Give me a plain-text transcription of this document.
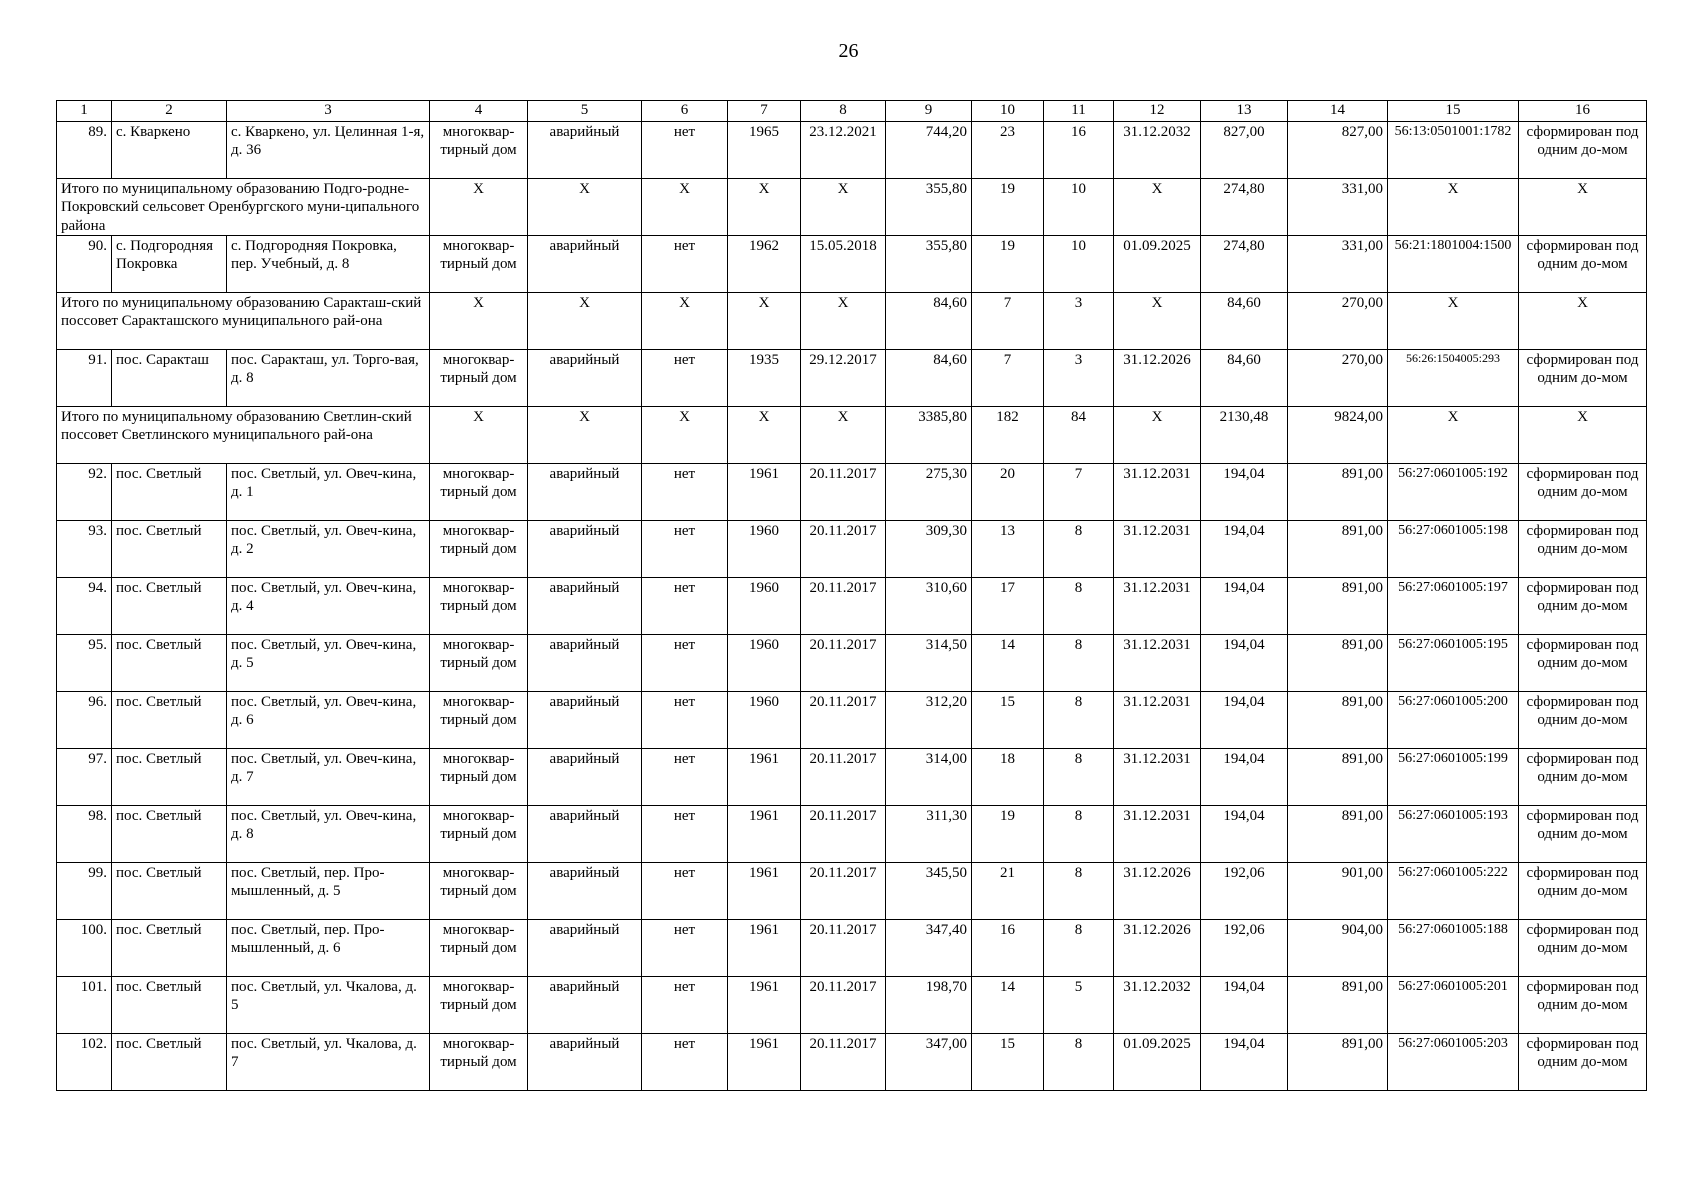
26
1	2	3	4	5	6	7	8	9	10	11	12	13	14	15	16
89.	с. Кваркено	с. Кваркено, ул. Целинная 1-я, д. 36	многоквар-тирный дом	аварийный	нет	1965	23.12.2021	744,20	23	16	31.12.2032	827,00	827,00	56:13:0501001:1782	сформирован под одним до-мом
Итого по муниципальному образованию Подго-родне-Покровский сельсовет Оренбургского муни-ципального района			Х	Х	Х	Х	Х	355,80	19	10	Х	274,80	331,00	Х	Х
90.	с. Подгородняя Покровка	с. Подгородняя Покровка, пер. Учебный, д. 8	многоквар-тирный дом	аварийный	нет	1962	15.05.2018	355,80	19	10	01.09.2025	274,80	331,00	56:21:1801004:1500	сформирован под одним до-мом
Итого по муниципальному образованию Саракташ-ский поссовет Саракташского муниципального рай-она			Х	Х	Х	Х	Х	84,60	7	3	Х	84,60	270,00	Х	Х
91.	пос. Саракташ	пос. Саракташ, ул. Торго-вая, д. 8	многоквар-тирный дом	аварийный	нет	1935	29.12.2017	84,60	7	3	31.12.2026	84,60	270,00	56:26:1504005:293	сформирован под одним до-мом
Итого по муниципальному образованию Светлин-ский поссовет Светлинского муниципального рай-она			Х	Х	Х	Х	Х	3385,80	182	84	Х	2130,48	9824,00	Х	Х
92.	пос. Светлый	пос. Светлый, ул. Овеч-кина, д. 1	многоквар-тирный дом	аварийный	нет	1961	20.11.2017	275,30	20	7	31.12.2031	194,04	891,00	56:27:0601005:192	сформирован под одним до-мом
93.	пос. Светлый	пос. Светлый, ул. Овеч-кина, д. 2	многоквар-тирный дом	аварийный	нет	1960	20.11.2017	309,30	13	8	31.12.2031	194,04	891,00	56:27:0601005:198	сформирован под одним до-мом
94.	пос. Светлый	пос. Светлый, ул. Овеч-кина, д. 4	многоквар-тирный дом	аварийный	нет	1960	20.11.2017	310,60	17	8	31.12.2031	194,04	891,00	56:27:0601005:197	сформирован под одним до-мом
95.	пос. Светлый	пос. Светлый, ул. Овеч-кина, д. 5	многоквар-тирный дом	аварийный	нет	1960	20.11.2017	314,50	14	8	31.12.2031	194,04	891,00	56:27:0601005:195	сформирован под одним до-мом
96.	пос. Светлый	пос. Светлый, ул. Овеч-кина, д. 6	многоквар-тирный дом	аварийный	нет	1960	20.11.2017	312,20	15	8	31.12.2031	194,04	891,00	56:27:0601005:200	сформирован под одним до-мом
97.	пос. Светлый	пос. Светлый, ул. Овеч-кина, д. 7	многоквар-тирный дом	аварийный	нет	1961	20.11.2017	314,00	18	8	31.12.2031	194,04	891,00	56:27:0601005:199	сформирован под одним до-мом
98.	пос. Светлый	пос. Светлый, ул. Овеч-кина, д. 8	многоквар-тирный дом	аварийный	нет	1961	20.11.2017	311,30	19	8	31.12.2031	194,04	891,00	56:27:0601005:193	сформирован под одним до-мом
99.	пос. Светлый	пос. Светлый, пер. Про-мышленный, д. 5	многоквар-тирный дом	аварийный	нет	1961	20.11.2017	345,50	21	8	31.12.2026	192,06	901,00	56:27:0601005:222	сформирован под одним до-мом
100.	пос. Светлый	пос. Светлый, пер. Про-мышленный, д. 6	многоквар-тирный дом	аварийный	нет	1961	20.11.2017	347,40	16	8	31.12.2026	192,06	904,00	56:27:0601005:188	сформирован под одним до-мом
101.	пос. Светлый	пос. Светлый, ул. Чкалова, д. 5	многоквар-тирный дом	аварийный	нет	1961	20.11.2017	198,70	14	5	31.12.2032	194,04	891,00	56:27:0601005:201	сформирован под одним до-мом
102.	пос. Светлый	пос. Светлый, ул. Чкалова, д. 7	многоквар-тирный дом	аварийный	нет	1961	20.11.2017	347,00	15	8	01.09.2025	194,04	891,00	56:27:0601005:203	сформирован под одним до-мом
